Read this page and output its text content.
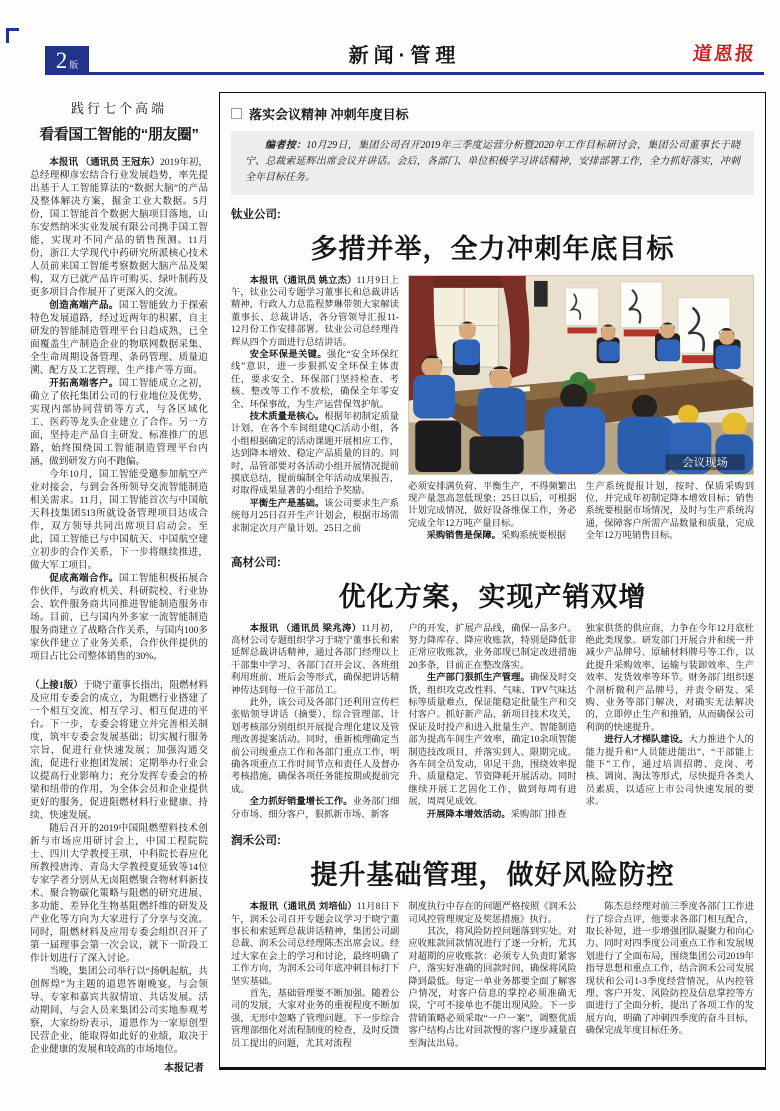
2 版	新闻·管理	道恩报
践行七个高端
看看国工智能的“朋友圈”

本报讯 （通讯员 王冠东）2019年初，总经理柳彦宏结合行业发展趋势，率先提出基于人工智能算法的“数据大脑”的产品及整体解决方案，掘金工业大数据。5月份，国工智能首个数据大脑项目落地，山东安然纳米实业发展有限公司携手国工智能，实现对不同产品的销售预测。11月份，浙江大学现代中药研究所派核心技术人员前来国工智能考察数据大脑产品及架构，双方已就产品许可购买、绿叶制药及更多项目合作展开了更深入的交流。

创造高端产品。国工智能致力于探索特色发展道路，经过近两年的积累，自主研发的智能制造管理平台日趋成熟，已全面覆盖生产制造企业的物联网数据采集、全生命周期设备管理、条码管理、质量追溯、配方及工艺管理、生产排产等方面。

开拓高端客户。国工智能成立之初，确立了依托集团公司的行业地位及优势，实现内部协同营销等方式，与各区域化工、医药等龙头企业建立了合作。另一方面，坚持走产品自主研发、标准推广的思路，始终围绕国工智能制造管理平台内涵，做到研发方向不跑偏。

今年10月，国工智能受邀参加航空产业对接会，与到会各所领导交流智能制造相关需求。11月，国工智能首次与中国航天科技集团513所就设备管理项目达成合作，双方领导共同出席项目启动会。至此，国工智能已与中国航天、中国航空建立初步的合作关系，下一步将继续推进，做大军工项目。

促成高端合作。国工智能积极拓展合作伙伴，与政府机关、科研院校、行业协会、软件服务商共同推进智能制造服务市场。目前，已与国内外多家一流智能制造服务商建立了战略合作关系，与国内100多家伙伴建立了业务关系，合作伙伴提供的项目占比公司整体销售的30%。

（上接1版）于晓宁董事长指出，阻燃材料及应用专委会的成立，为阻燃行业搭建了一个相互交流、相互学习、相互促进的平台。下一步，专委会将建立并完善相关制度，筑牢专委会发展基础；切实履行服务宗旨，促进行业快速发展；加强沟通交流，促进行业抱团发展；定期举办行业会议提高行业影响力；充分发挥专委会的桥梁和纽带的作用，为全体会员和企业提供更好的服务，促进阻燃材料行业健康、持续、快速发展。

随后召开的2019中国阻燃塑料技术创新与市场应用研讨会上，中国工程院院士、四川大学教授王琪，中科院长春应化所教授唐涛、青岛大学教授夏延致等14位专家学者分别从无卤阻燃聚合物材料新技术、聚合物碳化策略与阻燃的研究进展、多功能、差异化生物基阻燃纤维的研发及产业化等方向为大家进行了分享与交流。同时，阻燃材料及应用专委会组织召开了第一届理事会第一次会议，就下一阶段工作计划进行了深入讨论。

当晚，集团公司举行以“扬帆起航，共创辉煌”为主题的道恩答谢晚宴，与会领导、专家和嘉宾共叙情谊、共话发展。活动期间，与会人员来集团公司实地参观考察，大家纷纷表示，道恩作为一家原创型民营企业，能取得如此好的业绩，取决于企业健康的发展和较高的市场地位。

本报记者
落实会议精神 冲刺年度目标

编者按：10月29日，集团公司召开2019年三季度运营分析暨2020年工作目标研讨会，集团公司董事长于晓宁、总裁索延辉出席会议并讲话。会后，各部门、单位积极学习讲话精神，安排部署工作，全力抓好落实，冲刺全年目标任务。

钛业公司:
多措并举，全力冲刺年底目标

本报讯（通讯员 姚立杰）11月9日上午，钛业公司专题学习董事长和总裁讲话精神，行政人力总监程梦琳带领大家解读董事长、总裁讲话，各分管领导汇报11-12月份工作安排部署。钛业公司总经理肖辉从四个方面进行总结讲话。

安全环保是关键。强化“安全环保红线”意识，进一步狠抓安全环保主体责任，要求安全、环保部门坚持检查、考核、整改等工作不放松，确保全年零安全、环保事故，为生产运营保驾护航。

技术质量是核心。根据年初制定质量计划，在各个车间组建QC活动小组，各小组根据确定的活动课题开展相应工作，达到降本增效、稳定产品质量的目的。同时，品管部要对各活动小组开展情况提前摸底总结，提前编制全年活动成果报告，对取得成果显著的小组给予奖励。

平衡生产是基础。该公司要求生产系统每月25日召开生产计划会，根据市场需求制定次月产量计划。25日之前

会议现场

必须安排满负荷、平衡生产，不得频繁出现产量忽高忽低现象；25日以后，可根据计划完成情况，做好设备维保工作，务必完成全年12万吨产量目标。

采购销售是保障。采购系统要根据

生产系统提报计划，按时、保质采购到位，并完成年初制定降本增效目标；销售系统要根据市场情况，及时与生产系统沟通，保障客户所需产品数量和质量，完成全年12万吨销售目标。

高材公司:
优化方案，实现产销双增

本报讯 （通讯员 梁兆涛）11月初，高材公司专题组织学习于晓宁董事长和索延辉总裁讲话精神，通过各部门经理以上干部集中学习、各部门召开会议、各班组利用班前、班后会等形式，确保把讲话精神传达到每一位干部员工。

此外，该公司及各部门还利用宣传栏张贴领导讲话（摘要），综合管理部、计划考核部分别组织开展提合理化建议及管理改善提案活动。同时，重新梳理确定当前公司级重点工作和各部门重点工作，明确各项重点工作时间节点和责任人及督办考核措施，确保各项任务能按期或提前完成。

全力抓好销量增长工作。业务部门细分市场、细分客户，狠抓新市场、新客

户的开发，扩展产品线，确保一品多户。努力降库存、降应收账款，特别是降低非正常应收账款，业务部现已制定改进措施20多条，目前正在整改落实。

生产部门狠抓生产管理。确保及时交货，组织攻克改性料、气味、TPV气味达标等质量难点，保证能稳定批量生产和交付客户。抓好新产品、新项目技术攻关，保证及时投产和进入批量生产。智能制造部为提高车间生产效率，确定10余项智能制造技改项目，并落实到人、限期完成。各车间全员发动，卯足干劲，围绕效率提升、质量稳定、节资降耗开展活动。同时继续开展工艺固化工作，做到每周有进展，周周见成效。

开展降本增效活动。采购部门排查

独家供货的供应商，力争在今年12月底杜绝此类现象。研发部门开展合并和统一并减少产品牌号、原辅材料牌号等工作，以此提升采购效率、运输与装卸效率、生产效率、发货效率等环节。财务部门组织逐个剖析微利产品牌号，并责令研发、采购、业务等部门解决，对确实无法解决的，立即停止生产和推销，从而确保公司利润的快速提升。

进行人才梯队建设。大力推进个人的能力提升和“人员能进能出”、“干部能上能下”工作，通过培训招聘、竞岗、考核、调岗、淘汰等形式，尽快提升各类人员素质，以适应上市公司快速发展的要求。

润禾公司:
提升基础管理，做好风险防控

本报讯（通讯员 刘培仙）11月8日下午，润禾公司召开专题会议学习于晓宁董事长和索延辉总裁讲话精神，集团公司副总裁、润禾公司总经理陈杰出席会议。经过大家在会上的学习和讨论，最终明确了工作方向，为润禾公司年底冲刺目标打下坚实基础。

首先，基础管理要不断加强。随着公司的发展，大家对业务的重视程度不断加强，无形中忽略了管理问题。下一步综合管理部细化对流程制度的检查，及时反馈员工提出的问题，尤其对流程

制度执行中存在的问题严格按照《润禾公司风控管理规定及奖惩措施》执行。

其次，将风险防控问题落到实处。对应收账款回款情况进行了逐一分析，尤其对超期的应收账款：必须专人负责盯紧客户，落实好准确的回款时间，确保将风险降到最低。每定一单业务都要全面了解客户情况，对客户信息的掌控必须准确无误，宁可不接单也不能出现风险。下一步营销策略必须采取“一户一案”，调整优质客户结构占比对回款慢的客户逐步减量直至淘汰出局。

陈杰总经理对前三季度各部门工作进行了综合点评，他要求各部门相互配合，取长补短，进一步增强团队凝聚力和向心力。同时对四季度公司重点工作和发展规划进行了全面布局，围绕集团公司2019年指导思想和重点工作，结合润禾公司发展现状和公司1-3季度经营情况，从内控管理、客户开发、风险防控及信息掌控等方面进行了全面分析，提出了各项工作的发展方向，明确了冲刺四季度的奋斗目标，确保完成年度目标任务。
